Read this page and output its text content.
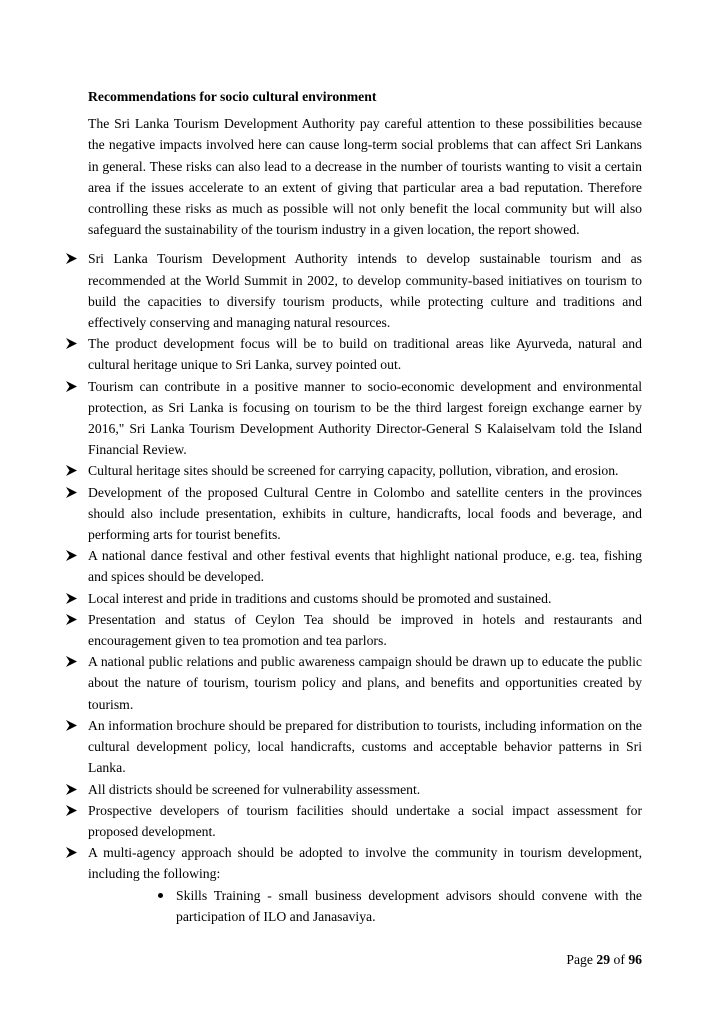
Recommendations for socio cultural environment

The Sri Lanka Tourism Development Authority pay careful attention to these possibilities because the negative impacts involved here can cause long-term social problems that can affect Sri Lankans in general. These risks can also lead to a decrease in the number of tourists wanting to visit a certain area if the issues accelerate to an extent of giving that particular area a bad reputation. Therefore controlling these risks as much as possible will not only benefit the local community but will also safeguard the sustainability of the tourism industry in a given location, the report showed.

Sri Lanka Tourism Development Authority intends to develop sustainable tourism and as recommended at the World Summit in 2002, to develop community-based initiatives on tourism to build the capacities to diversify tourism products, while protecting culture and traditions and effectively conserving and managing natural resources.
The product development focus will be to build on traditional areas like Ayurveda, natural and cultural heritage unique to Sri Lanka, survey pointed out.
Tourism can contribute in a positive manner to socio-economic development and environmental protection, as Sri Lanka is focusing on tourism to be the third largest foreign exchange earner by 2016," Sri Lanka Tourism Development Authority Director-General S Kalaiselvam told the Island Financial Review.
Cultural heritage sites should be screened for carrying capacity, pollution, vibration, and erosion.
Development of the proposed Cultural Centre in Colombo and satellite centers in the provinces should also include presentation, exhibits in culture, handicrafts, local foods and beverage, and performing arts for tourist benefits.
A national dance festival and other festival events that highlight national produce, e.g. tea, fishing and spices should be developed.
Local interest and pride in traditions and customs should be promoted and sustained.
Presentation and status of Ceylon Tea should be improved in hotels and restaurants and encouragement given to tea promotion and tea parlors.
A national public relations and public awareness campaign should be drawn up to educate the public about the nature of tourism, tourism policy and plans, and benefits and opportunities created by tourism.
An information brochure should be prepared for distribution to tourists, including information on the cultural development policy, local handicrafts, customs and acceptable behavior patterns in Sri Lanka.
All districts should be screened for vulnerability assessment.
Prospective developers of tourism facilities should undertake a social impact assessment for proposed development.
A multi-agency approach should be adopted to involve the community in tourism development, including the following:
Skills Training - small business development advisors should convene with the participation of ILO and Janasaviya.
Page 29 of 96
